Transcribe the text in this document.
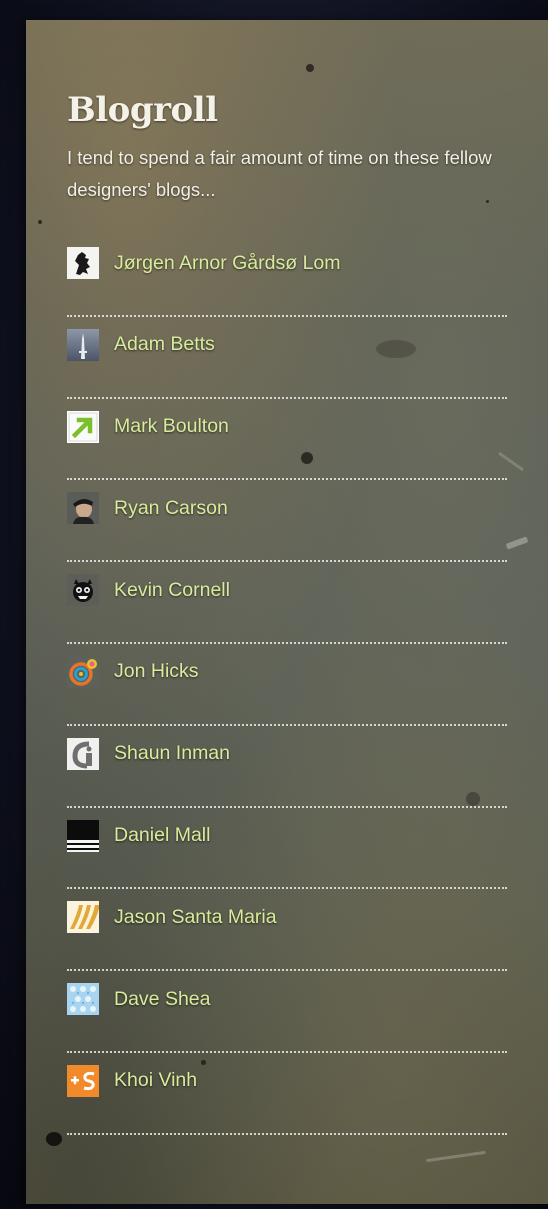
Blogroll

I tend to spend a fair amount of time on these fellow designers' blogs...

Jørgen Arnor Gårdsø Lom
Adam Betts
Mark Boulton
Ryan Carson
Kevin Cornell
Jon Hicks
Shaun Inman
Daniel Mall
Jason Santa Maria
Dave Shea
Khoi Vinh
